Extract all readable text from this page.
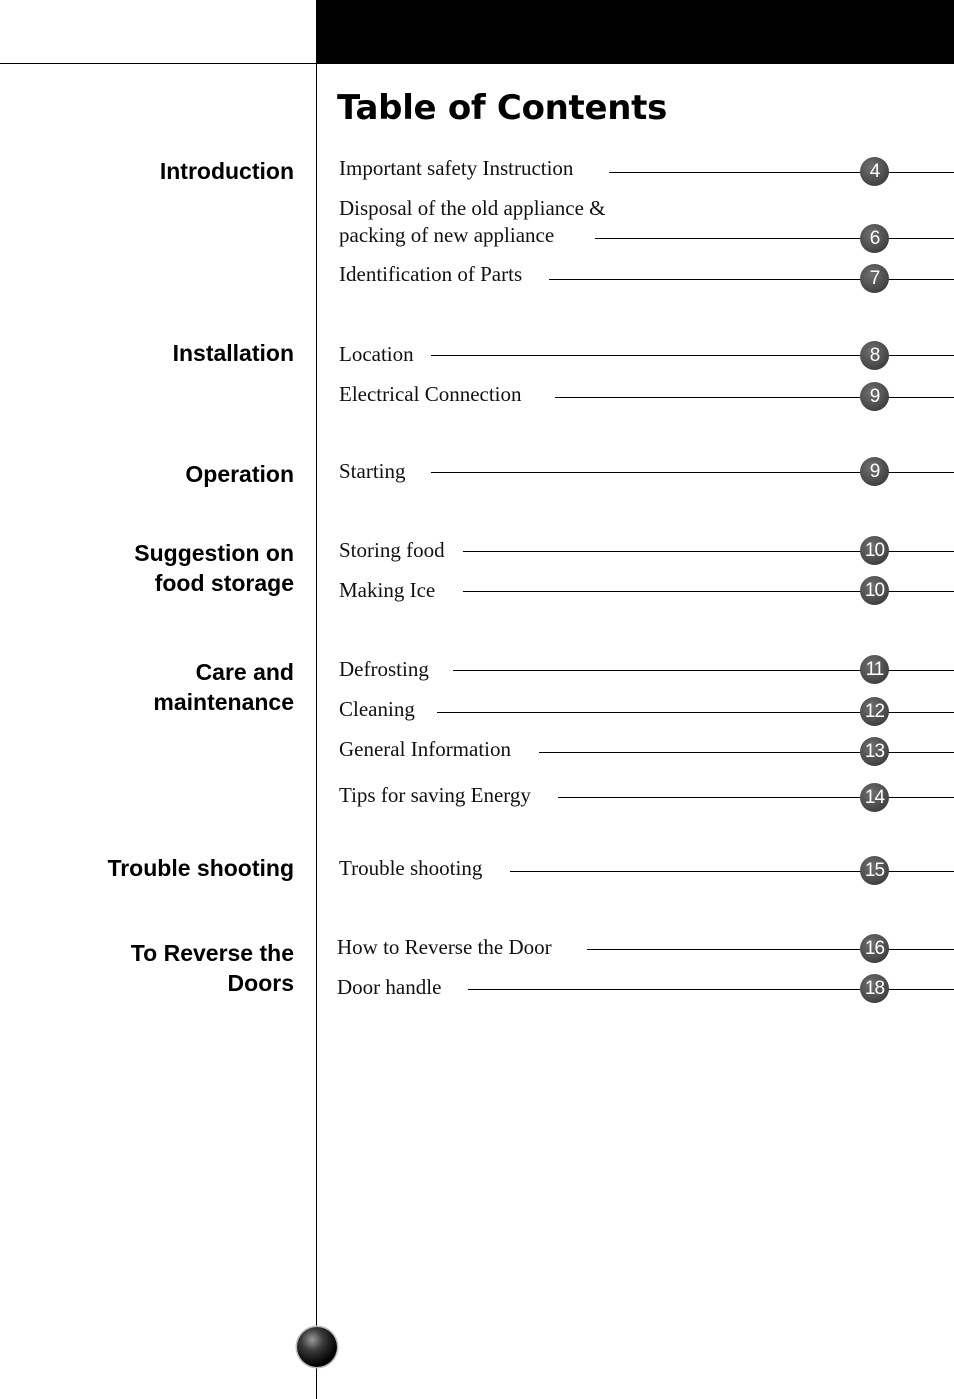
Table of Contents
Introduction
Installation
Operation
Suggestion on
food storage
Care and
maintenance
Trouble shooting
To Reverse the
Doors
Important safety Instruction	4
Disposal of the old appliance &
packing of new appliance	6
Identification of Parts	7
Location	8
Electrical Connection	9
Starting	9
Storing food	10
Making Ice	10
Defrosting	11
Cleaning	12
General Information	13
Tips for saving Energy	14
Trouble shooting	15
How to Reverse the Door	16
Door handle	18
